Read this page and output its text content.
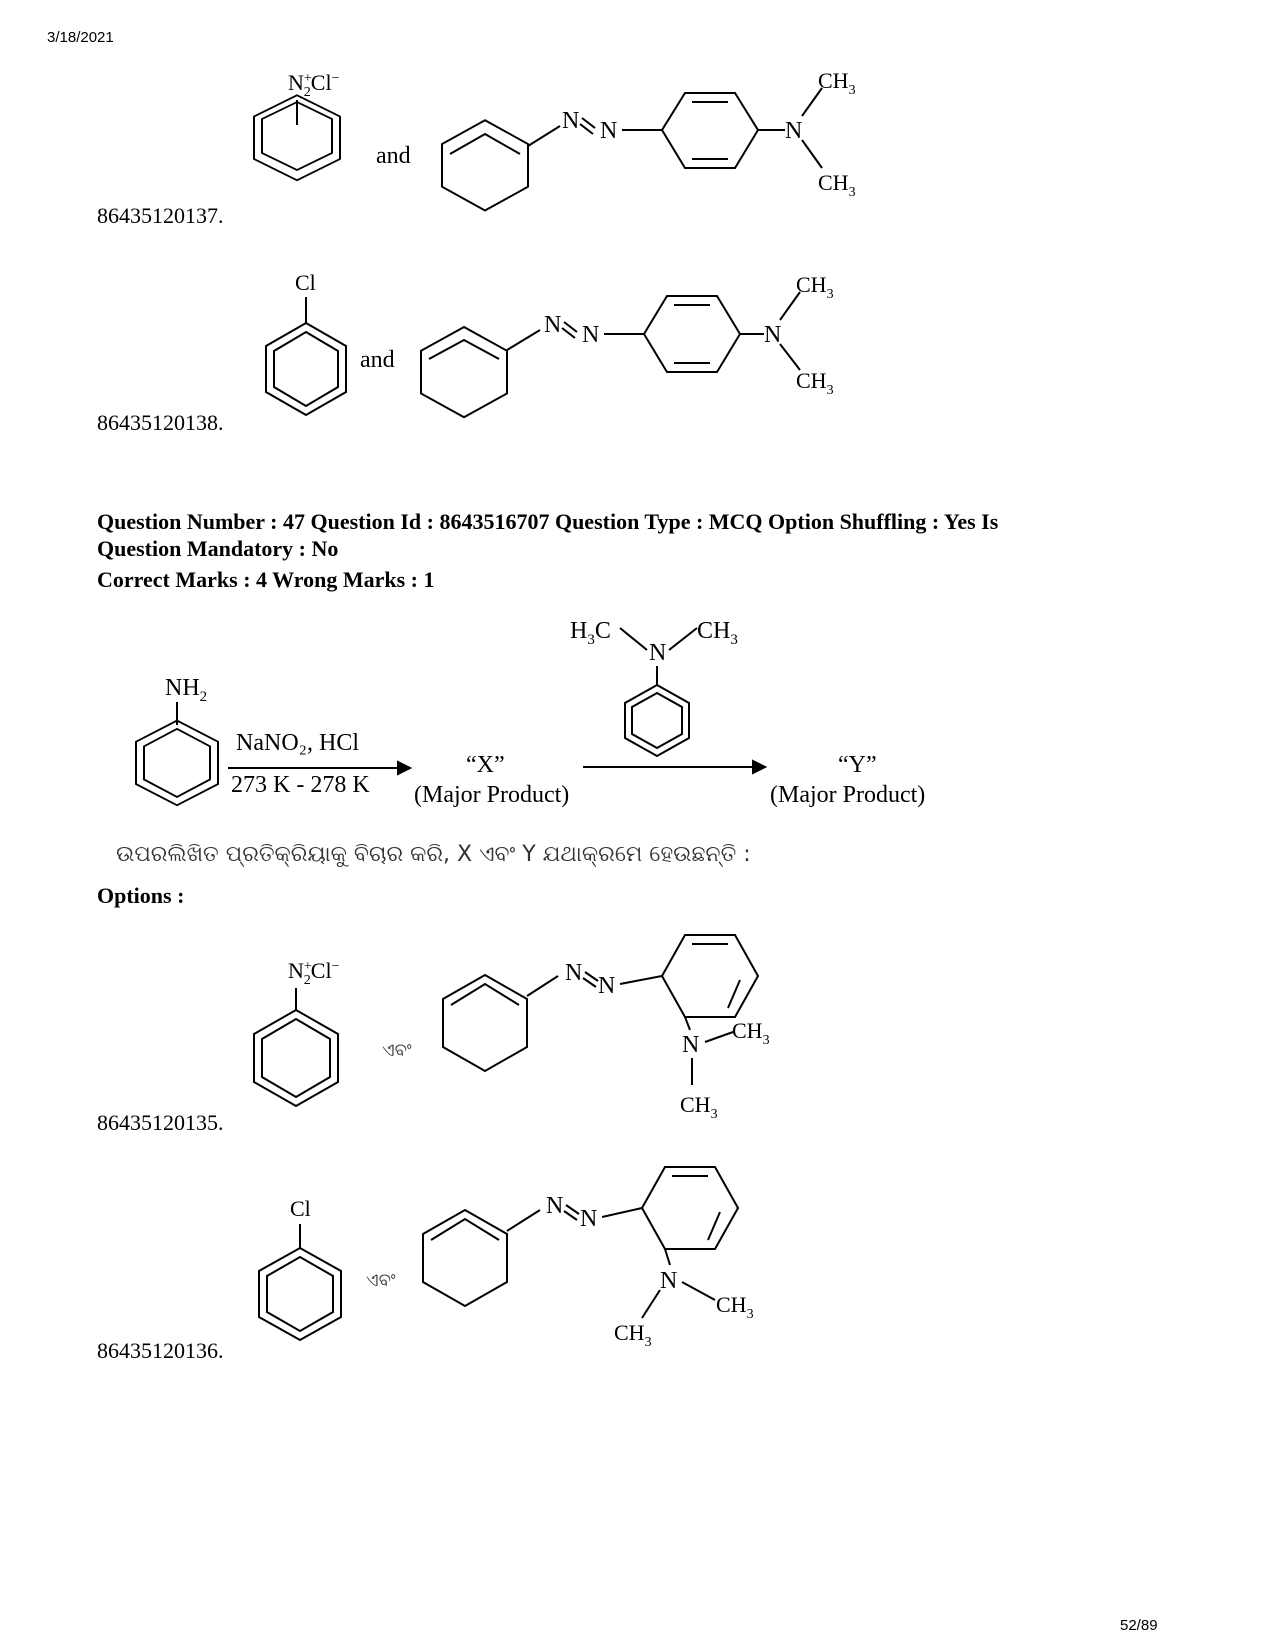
3/18/2021
52/89
N+ 2Cl−
and
N N	N
$CH_3$
$CH_3$
86435120137.
Cl
and
N N	N
$CH_3$
$CH_3$
86435120138.
Question Number : 47 Question Id : 8643516707 Question Type : MCQ Option Shuffling : Yes Is
Question Mandatory : No
Correct Marks : 4 Wrong Marks : 1
$NH_2$
NaNO₂, HCl
273 K - 278 K
“X”
(Major Product)
$H_3C$
N
$CH_3$
“Y”
(Major Product)
ଉପରଲିଖିତ ପ୍ରତିକ୍ରିୟାକୁ ବିଚାର କରି, X ଏବଂ Y ଯଥାକ୍ରମେ ହେଉଛନ୍ତି :
Options :
N+ 2Cl−
ଏବଂ
N N
N
$CH_3$
$CH_3$
86435120135.
Cl
ଏବଂ
N N
N
$CH_3$
$CH_3$
86435120136.
